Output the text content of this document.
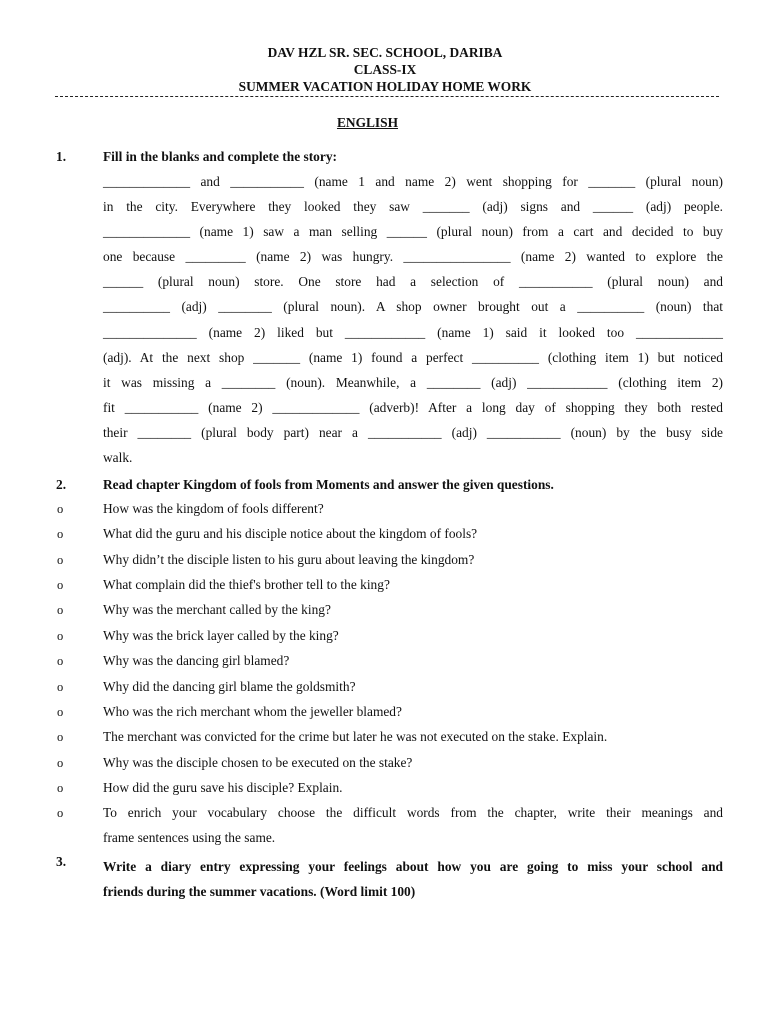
DAV HZL SR. SEC. SCHOOL, DARIBA
CLASS-IX
SUMMER VACATION HOLIDAY HOME WORK
ENGLISH
1.	Fill in the blanks and complete the story:
_____________ and ___________ (name 1 and name 2) went shopping for _______ (plural noun)
in the city. Everywhere they looked they saw _______ (adj) signs and ______ (adj) people.
_____________ (name 1) saw a man selling ______ (plural noun) from a cart and decided to buy
one because _________ (name 2) was hungry. ________________ (name 2) wanted to explore the
______ (plural noun) store. One store had a selection of ___________ (plural noun) and
__________ (adj) ________ (plural noun). A shop owner brought out a __________ (noun) that
______________ (name 2) liked but ____________ (name 1) said it looked too _____________
(adj). At the next shop _______ (name 1) found a perfect __________ (clothing item 1) but noticed
it was missing a ________ (noun). Meanwhile, a ________ (adj) ____________ (clothing item 2)
fit ___________ (name 2) _____________ (adverb)! After a long day of shopping they both rested
their ________ (plural body part) near a ___________ (adj) ___________ (noun) by the busy side
walk.
2.	Read chapter Kingdom of fools from Moments and answer the given questions.
o	How was the kingdom of fools different?
o	What did the guru and his disciple notice about the kingdom of fools?
o	Why didn’t the disciple listen to his guru about leaving the kingdom?
o	What complain did the thief's brother tell to the king?
o	Why was the merchant called by the king?
o	Why was the brick layer called by the king?
o	Why was the dancing girl blamed?
o	Why did the dancing girl blame the goldsmith?
o	Who was the rich merchant whom the jeweller blamed?
o	The merchant was convicted for the crime but later he was not executed on the stake. Explain.
o	Why was the disciple chosen to be executed on the stake?
o	How did the guru save his disciple? Explain.
o	To enrich your vocabulary choose the difficult words from the chapter, write their meanings and
frame sentences using the same.
3.	Write a diary entry expressing your feelings about how you are going to miss your school and
friends during the summer vacations. (Word limit 100)
